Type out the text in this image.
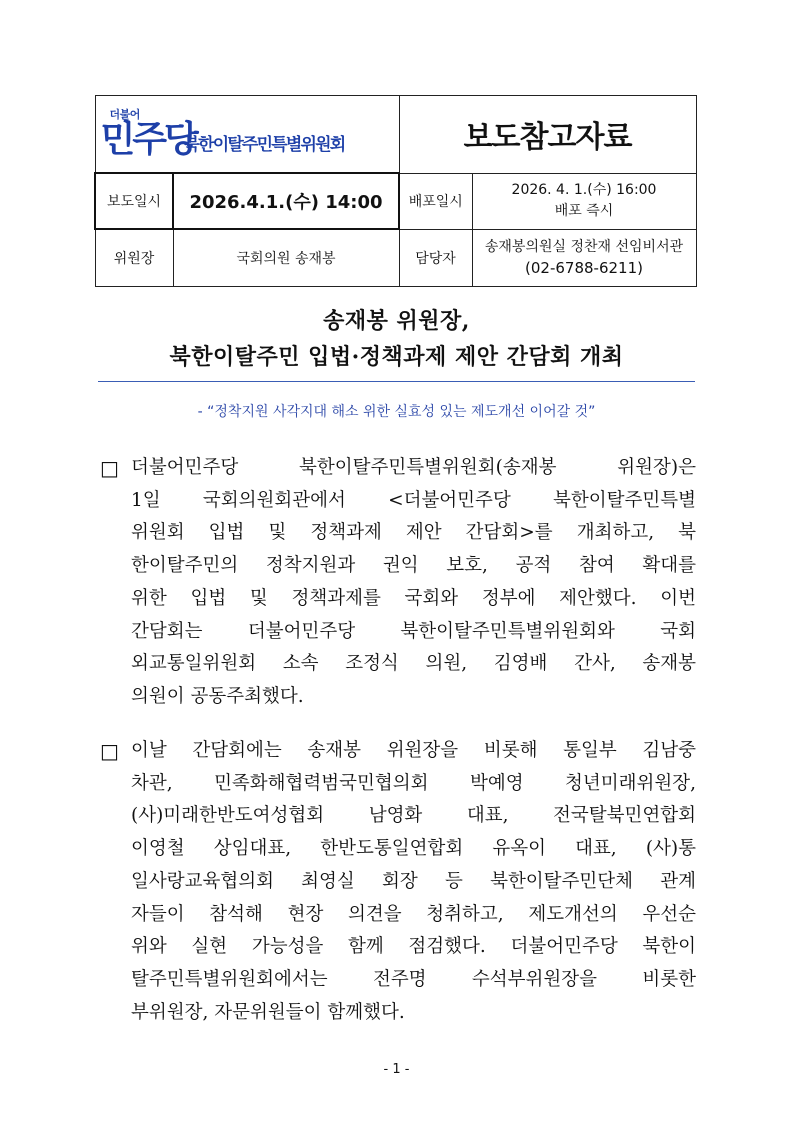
더불어
민주당
북한이탈주민특별위원회		보도참고자료	
보도일시	2026.4.1.(수) 14:00	배포일시	2026. 4. 1.(수) 16:00
배포 즉시

위원장	국회의원 송재봉	담당자	송재봉의원실 정찬재 선임비서관
(02-6788-6211)
송재봉 위원장,
북한이탈주민 입법·정책과제 제안 간담회 개최
- “정착지원 사각지대 해소 위한 실효성 있는 제도개선 이어갈 것”
□ 더불어민주당 북한이탈주민특별위원회(송재봉 위원장)은
1일 국회의원회관에서 <더불어민주당 북한이탈주민특별
위원회 입법 및 정책과제 제안 간담회>를 개최하고, 북
한이탈주민의 정착지원과 권익 보호, 공적 참여 확대를
위한 입법 및 정책과제를 국회와 정부에 제안했다. 이번
간담회는 더불어민주당 북한이탈주민특별위원회와 국회
외교통일위원회 소속 조정식 의원, 김영배 간사, 송재봉
의원이 공동주최했다.
□ 이날 간담회에는 송재봉 위원장을 비롯해 통일부 김남중
차관, 민족화해협력범국민협의회 박예영 청년미래위원장,
(사)미래한반도여성협회 남영화 대표, 전국탈북민연합회
이영철 상임대표, 한반도통일연합회 유옥이 대표, (사)통
일사랑교육협의회 최영실 회장 등 북한이탈주민단체 관계
자들이 참석해 현장 의견을 청취하고, 제도개선의 우선순
위와 실현 가능성을 함께 점검했다. 더불어민주당 북한이
탈주민특별위원회에서는 전주명 수석부위원장을 비롯한
부위원장, 자문위원들이 함께했다.
- 1 -
